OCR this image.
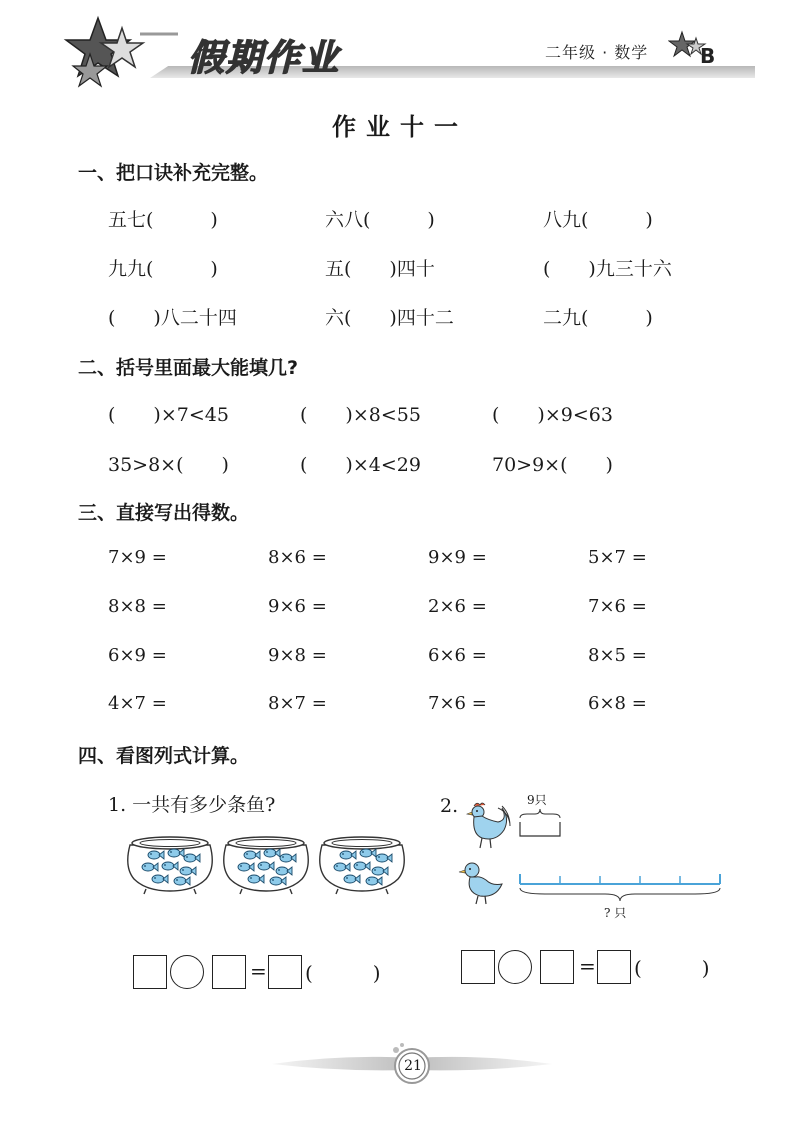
假期作业	二年级 · 数学	B
作业十一
一、把口诀补充完整。
五七(　　　)	六八(　　　)	八九(　　　)
九九(　　　)	五(　　)四十	(　　)九三十六
(　　)八二十四	六(　　)四十二	二九(　　　)
二、括号里面最大能填几?
(　　)×7<45	(　　)×8<55	(　　)×9<63
35>8×(　　)	(　　)×4<29	70>9×(　　)
三、直接写出得数。
7×9 =	8×6 =	9×9 =	5×7 =
8×8 =	9×6 =	2×6 =	7×6 =
6×9 =	9×8 =	6×6 =	8×5 =
4×7 =	8×7 =	7×6 =	6×8 =
四、看图列式计算。
1. 一共有多少条鱼?
= (　　　)
2.	9只
? 只
= (　　　)
21
